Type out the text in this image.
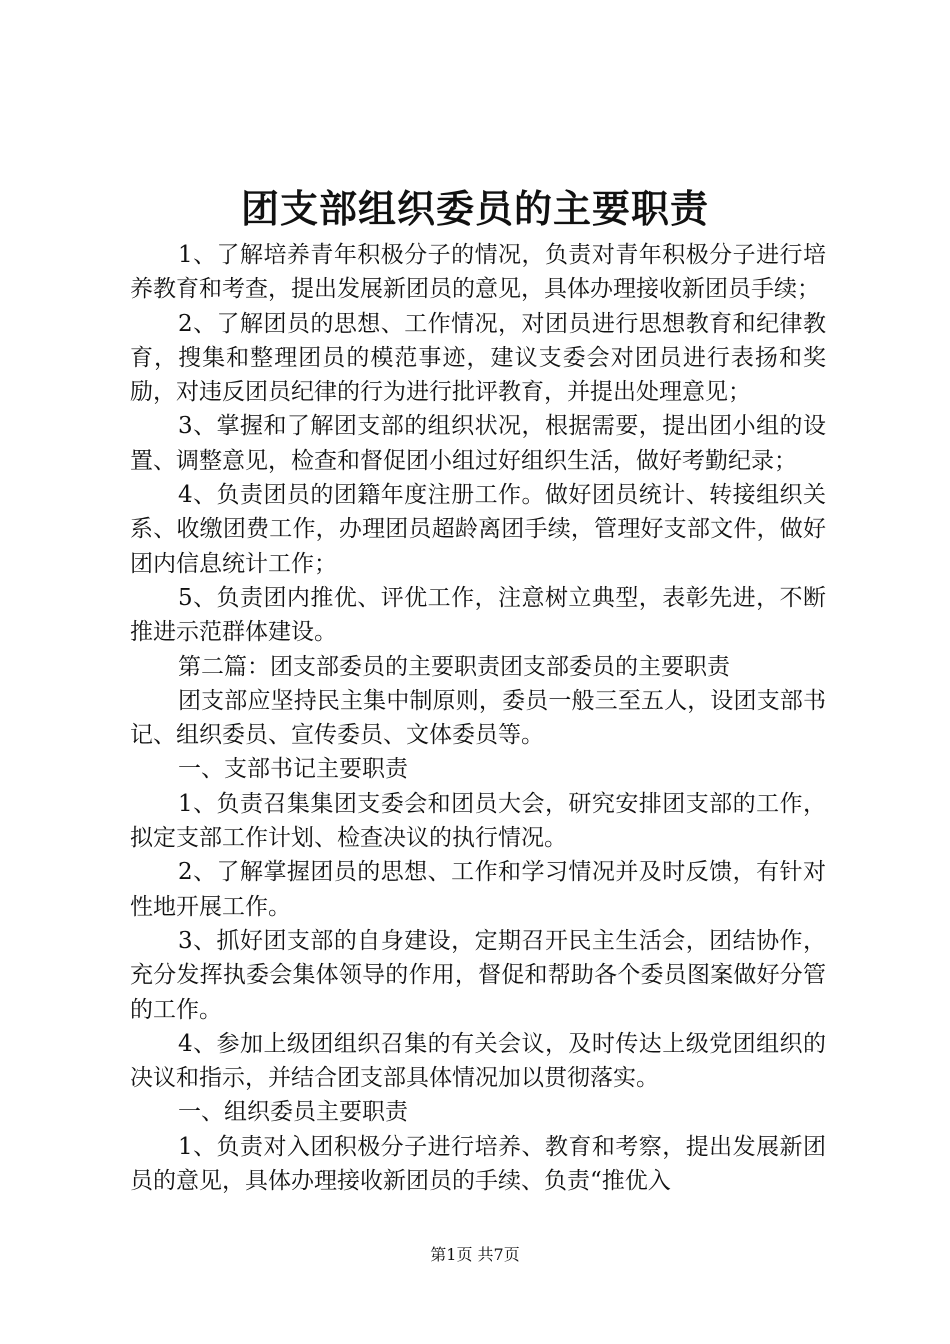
团支部组织委员的主要职责

1、了解培养青年积极分子的情况，负责对青年积极分子进行培养教育和考查，提出发展新团员的意见，具体办理接收新团员手续；

2、了解团员的思想、工作情况，对团员进行思想教育和纪律教育，搜集和整理团员的模范事迹，建议支委会对团员进行表扬和奖励，对违反团员纪律的行为进行批评教育，并提出处理意见；

3、掌握和了解团支部的组织状况，根据需要，提出团小组的设置、调整意见，检查和督促团小组过好组织生活，做好考勤纪录；

4、负责团员的团籍年度注册工作。做好团员统计、转接组织关系、收缴团费工作，办理团员超龄离团手续，管理好支部文件，做好团内信息统计工作；

5、负责团内推优、评优工作，注意树立典型，表彰先进，不断推进示范群体建设。

第二篇：团支部委员的主要职责团支部委员的主要职责

团支部应坚持民主集中制原则，委员一般三至五人，设团支部书记、组织委员、宣传委员、文体委员等。

一、支部书记主要职责

1、负责召集集团支委会和团员大会，研究安排团支部的工作，拟定支部工作计划、检查决议的执行情况。

2、了解掌握团员的思想、工作和学习情况并及时反馈，有针对性地开展工作。

3、抓好团支部的自身建设，定期召开民主生活会，团结协作，充分发挥执委会集体领导的作用，督促和帮助各个委员图案做好分管的工作。

4、参加上级团组织召集的有关会议，及时传达上级党团组织的决议和指示，并结合团支部具体情况加以贯彻落实。

一、组织委员主要职责

1、负责对入团积极分子进行培养、教育和考察，提出发展新团员的意见，具体办理接收新团员的手续、负责“推优入

第1页 共7页
